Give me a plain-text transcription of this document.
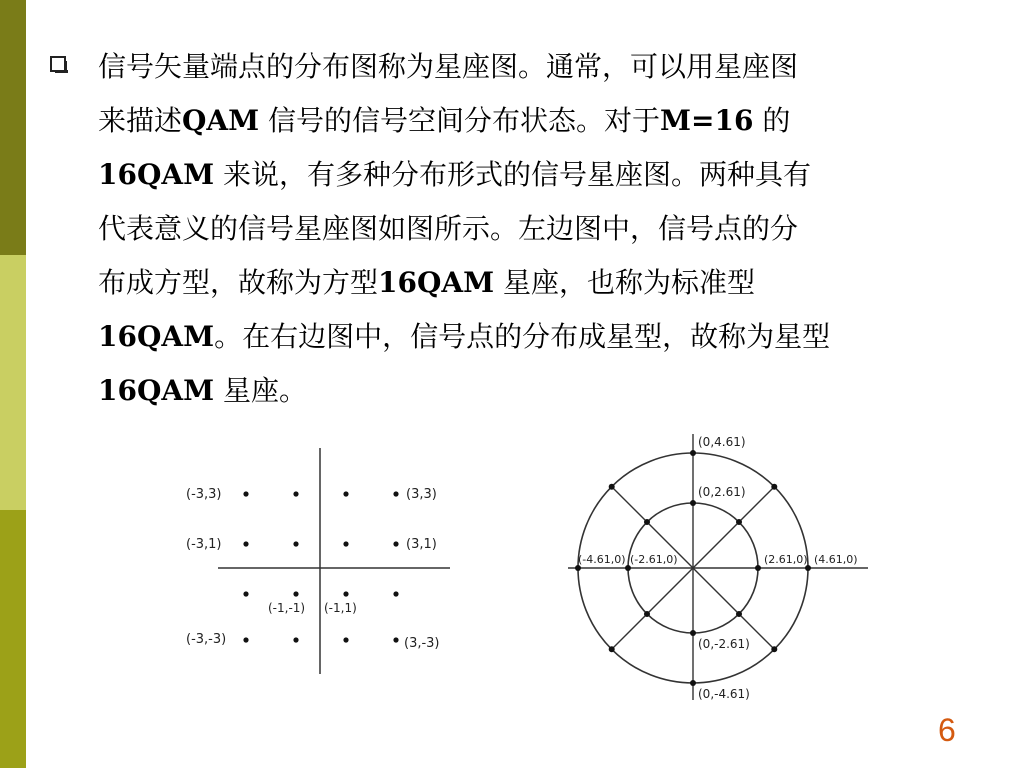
信号矢量端点的分布图称为星座图。通常，可以用星座图
来描述QAM 信号的信号空间分布状态。对于M=16 的
16QAM 来说，有多种分布形式的信号星座图。两种具有
代表意义的信号星座图如图所示。左边图中，信号点的分
布成方型，故称为方型16QAM 星座，也称为标准型
16QAM。在右边图中，信号点的分布成星型，故称为星型
16QAM 星座。
(-3,3)	(3,3)
(-3,1)	(3,1)
(-1,-1) (-1,1)
(-3,-3)	(3,-3)
(0,4.61)
(0,2.61)
(-4.61,0) (-2.61,0)	(2.61,0) (4.61,0)
(0,-2.61)
(0,-4.61)
6
